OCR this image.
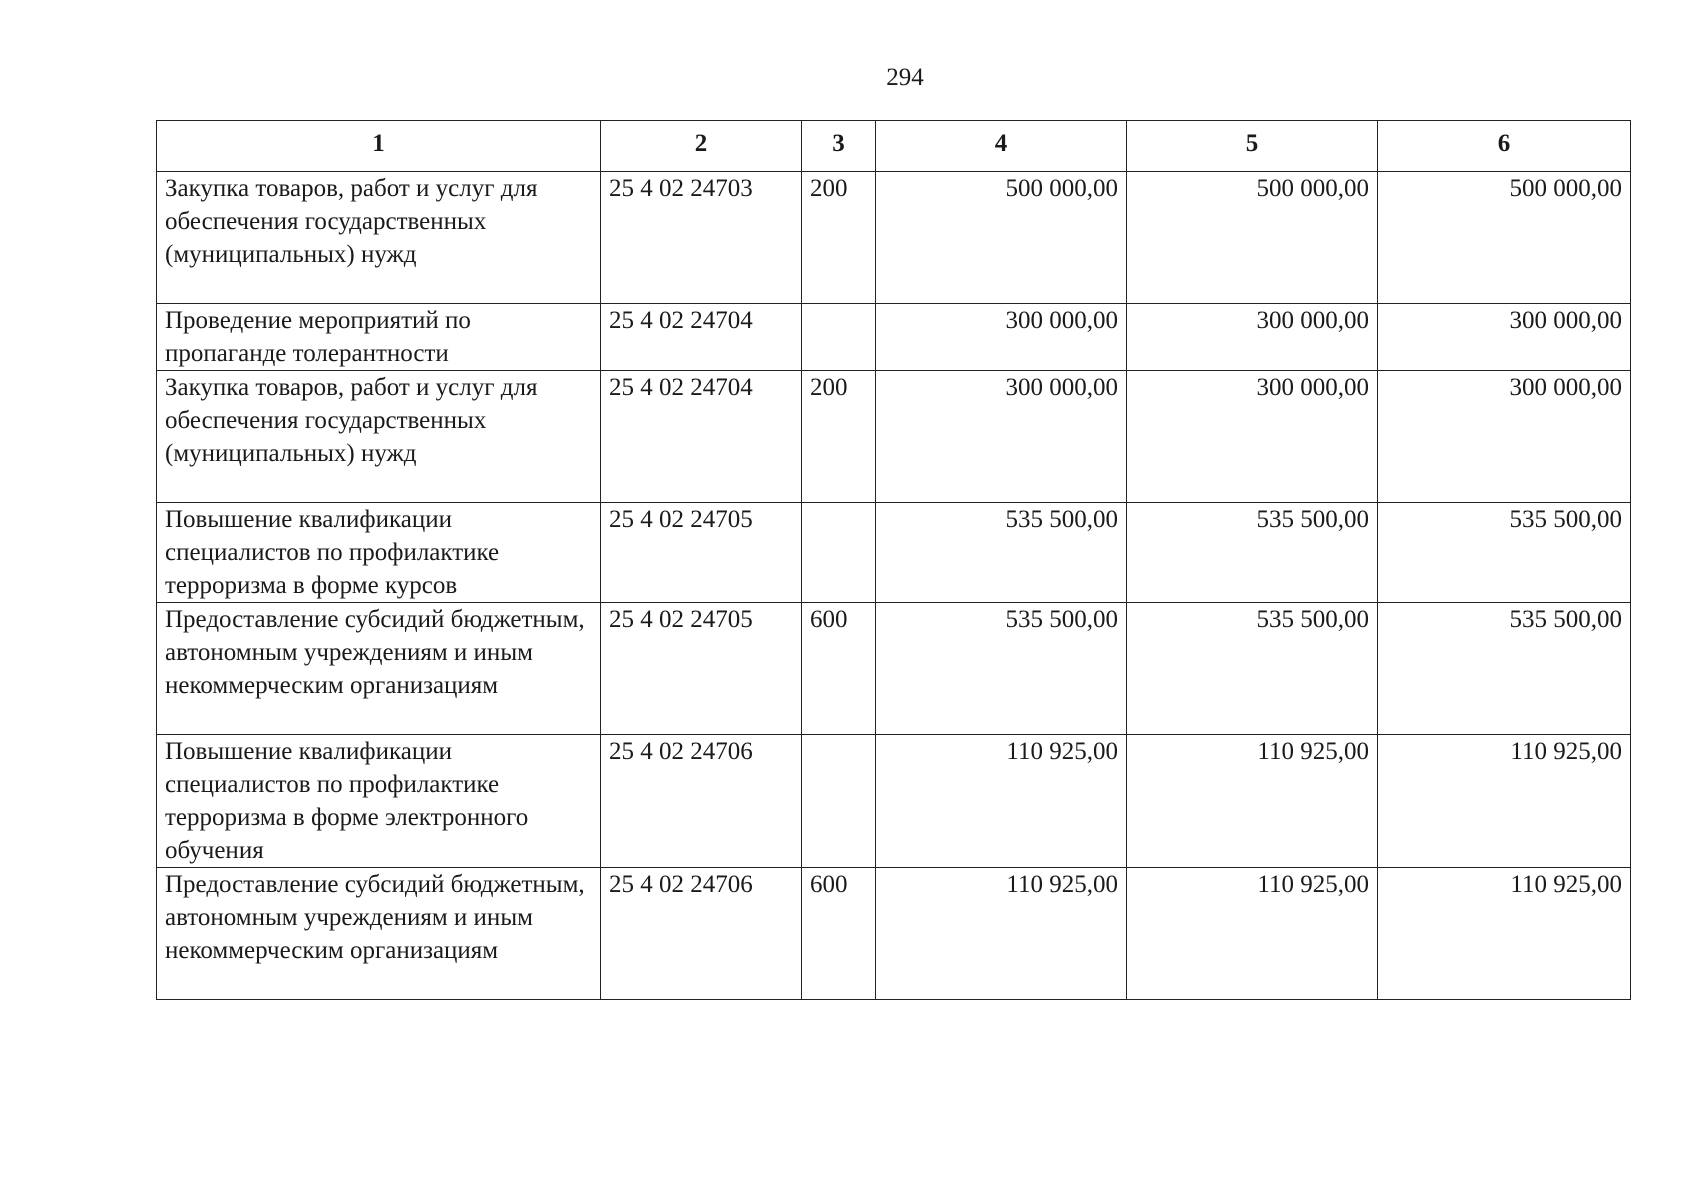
294
1	2	3	4	5	6
Закупка товаров, работ и услуг для обеспечения государственных (муниципальных) нужд	25 4 02 24703	200	500 000,00	500 000,00	500 000,00
Проведение мероприятий по пропаганде толерантности	25 4 02 24704		300 000,00	300 000,00	300 000,00
Закупка товаров, работ и услуг для обеспечения государственных (муниципальных) нужд	25 4 02 24704	200	300 000,00	300 000,00	300 000,00
Повышение квалификации специалистов по профилактике терроризма в форме курсов	25 4 02 24705		535 500,00	535 500,00	535 500,00
Предоставление субсидий бюджетным, автономным учреждениям и иным некоммерческим организациям	25 4 02 24705	600	535 500,00	535 500,00	535 500,00
Повышение квалификации специалистов по профилактике терроризма в форме электронного обучения	25 4 02 24706		110 925,00	110 925,00	110 925,00
Предоставление субсидий бюджетным, автономным учреждениям и иным некоммерческим организациям	25 4 02 24706	600	110 925,00	110 925,00	110 925,00
